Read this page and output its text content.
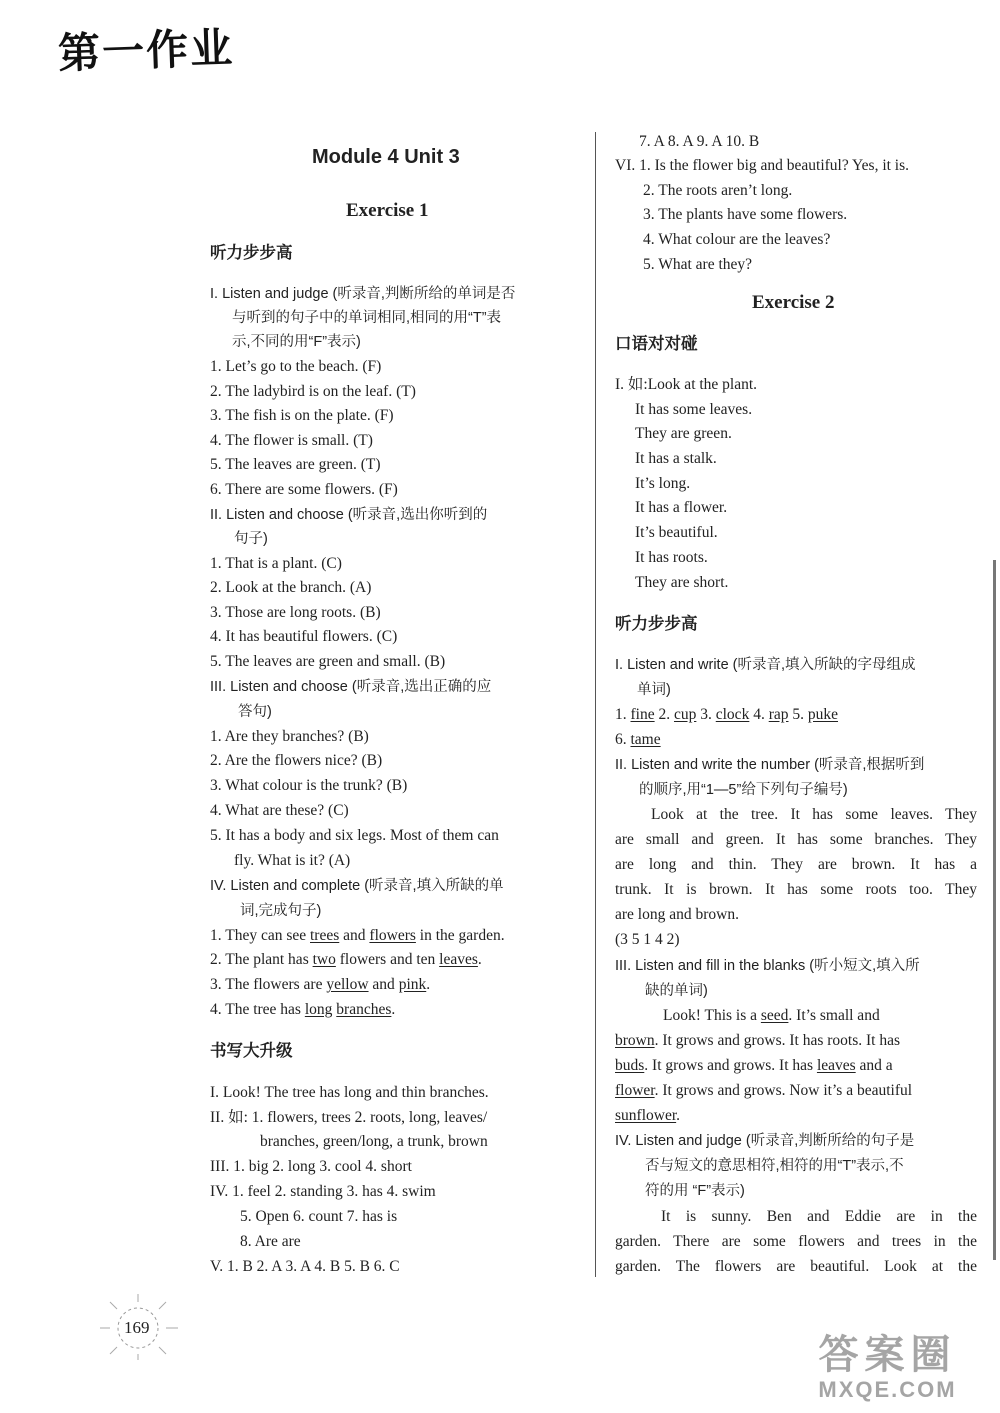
第一作业
Module 4 Unit 3
Exercise 1
听力步步高
I. Listen and judge (听录音,判断所给的单词是否
与听到的句子中的单词相同,相同的用“T”表
示,不同的用“F”表示)
1. Let’s go to the beach. (F)
2. The ladybird is on the leaf. (T)
3. The fish is on the plate. (F)
4. The flower is small. (T)
5. The leaves are green. (T)
6. There are some flowers. (F)
II. Listen and choose (听录音,选出你听到的
句子)
1. That is a plant. (C)
2. Look at the branch. (A)
3. Those are long roots. (B)
4. It has beautiful flowers. (C)
5. The leaves are green and small. (B)
III. Listen and choose (听录音,选出正确的应
答句)
1. Are they branches? (B)
2. Are the flowers nice? (B)
3. What colour is the trunk? (B)
4. What are these? (C)
5. It has a body and six legs. Most of them can
fly. What is it? (A)
IV. Listen and complete (听录音,填入所缺的单
词,完成句子)
1. They can see trees and flowers in the garden.
2. The plant has two flowers and ten leaves.
3. The flowers are yellow and pink.
4. The tree has long branches.
书写大升级
I. Look! The tree has long and thin branches.
II. 如: 1. flowers, trees 2. roots, long, leaves/
branches, green/long, a trunk, brown
III. 1. big 2. long 3. cool 4. short
IV. 1. feel 2. standing 3. has 4. swim
5. Open 6. count 7. has is
8. Are are
V. 1. B 2. A 3. A 4. B 5. B 6. C
Exercise 2
7. A 8. A 9. A 10. B
VI. 1. Is the flower big and beautiful? Yes, it is.
2. The roots aren’t long.
3. The plants have some flowers.
4. What colour are the leaves?
5. What are they?
口语对对碰
I. 如:Look at the plant.
It has some leaves.
They are green.
It has a stalk.
It’s long.
It has a flower.
It’s beautiful.
It has roots.
They are short.
听力步步高
I. Listen and write (听录音,填入所缺的字母组成
单词)
1. fine 2. cup 3. clock 4. rap 5. puke
6. tame
II. Listen and write the number (听录音,根据听到
的顺序,用“1—5”给下列句子编号)
Look at the tree. It has some leaves. They
are small and green. It has some branches. They
are long and thin. They are brown. It has a
trunk. It is brown. It has some roots too. They
are long and brown.
(3 5 1 4 2)
III. Listen and fill in the blanks (听小短文,填入所
缺的单词)
Look! This is a seed. It’s small and
brown. It grows and grows. It has roots. It has
buds. It grows and grows. It has leaves and a
flower. It grows and grows. Now it’s a beautiful
sunflower.
IV. Listen and judge (听录音,判断所给的句子是
否与短文的意思相符,相符的用“T”表示,不
符的用 “F”表示)
It is sunny. Ben and Eddie are in the
garden. There are some flowers and trees in the
garden. The flowers are beautiful. Look at the
169
答案圈
MXQE.COM
